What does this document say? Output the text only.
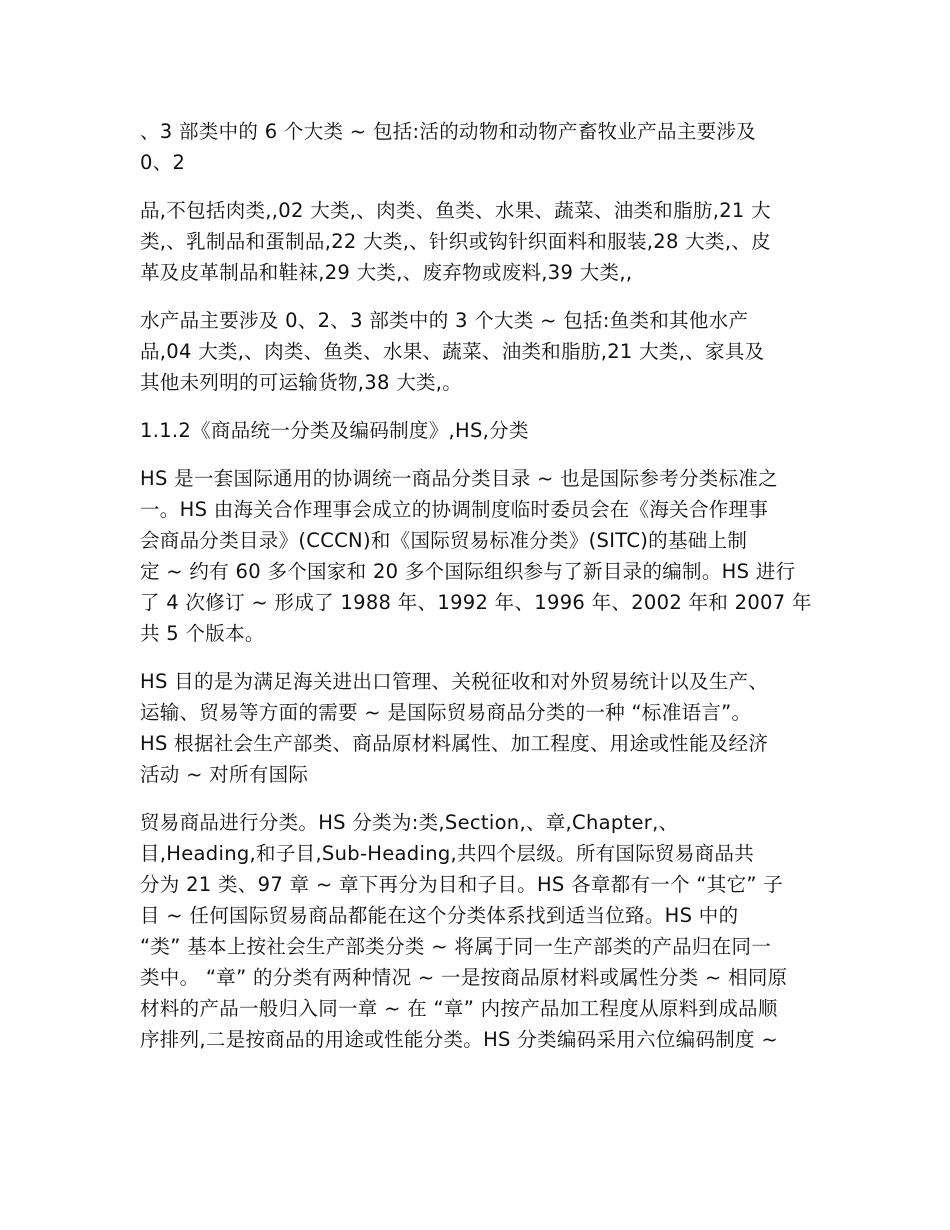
、3 部类中的 6 个大类 ~ 包括:活的动物和动物产畜牧业产品主要涉及
0、2
品,不包括肉类,,02 大类,、肉类、鱼类、水果、蔬菜、油类和脂肪,21 大
类,、乳制品和蛋制品,22 大类,、针织或钩针织面料和服装,28 大类,、皮
革及皮革制品和鞋袜,29 大类,、废弃物或废料,39 大类,,
水产品主要涉及 0、2、3 部类中的 3 个大类 ~ 包括:鱼类和其他水产
品,04 大类,、肉类、鱼类、水果、蔬菜、油类和脂肪,21 大类,、家具及
其他未列明的可运输货物,38 大类,。
1.1.2《商品统一分类及编码制度》,HS,分类
HS 是一套国际通用的协调统一商品分类目录 ~ 也是国际参考分类标准之
一。HS 由海关合作理事会成立的协调制度临时委员会在《海关合作理事
会商品分类目录》(CCCN)和《国际贸易标准分类》(SITC)的基础上制
定 ~ 约有 60 多个国家和 20 多个国际组织参与了新目录的编制。HS 进行
了 4 次修订 ~ 形成了 1988 年、1992 年、1996 年、2002 年和 2007 年
共 5 个版本。
HS 目的是为满足海关进出口管理、关税征收和对外贸易统计以及生产、
运输、贸易等方面的需要 ~ 是国际贸易商品分类的一种 “标准语言”。
HS 根据社会生产部类、商品原材料属性、加工程度、用途或性能及经济
活动 ~ 对所有国际
贸易商品进行分类。HS 分类为:类,Section,、章,Chapter,、
目,Heading,和子目,Sub-Heading,共四个层级。所有国际贸易商品共
分为 21 类、97 章 ~ 章下再分为目和子目。HS 各章都有一个 “其它” 子
目 ~ 任何国际贸易商品都能在这个分类体系找到适当位臵。HS 中的
“类” 基本上按社会生产部类分类 ~ 将属于同一生产部类的产品归在同一
类中。 “章” 的分类有两种情况 ~ 一是按商品原材料或属性分类 ~ 相同原
材料的产品一般归入同一章 ~ 在 “章” 内按产品加工程度从原料到成品顺
序排列,二是按商品的用途或性能分类。HS 分类编码采用六位编码制度 ~
